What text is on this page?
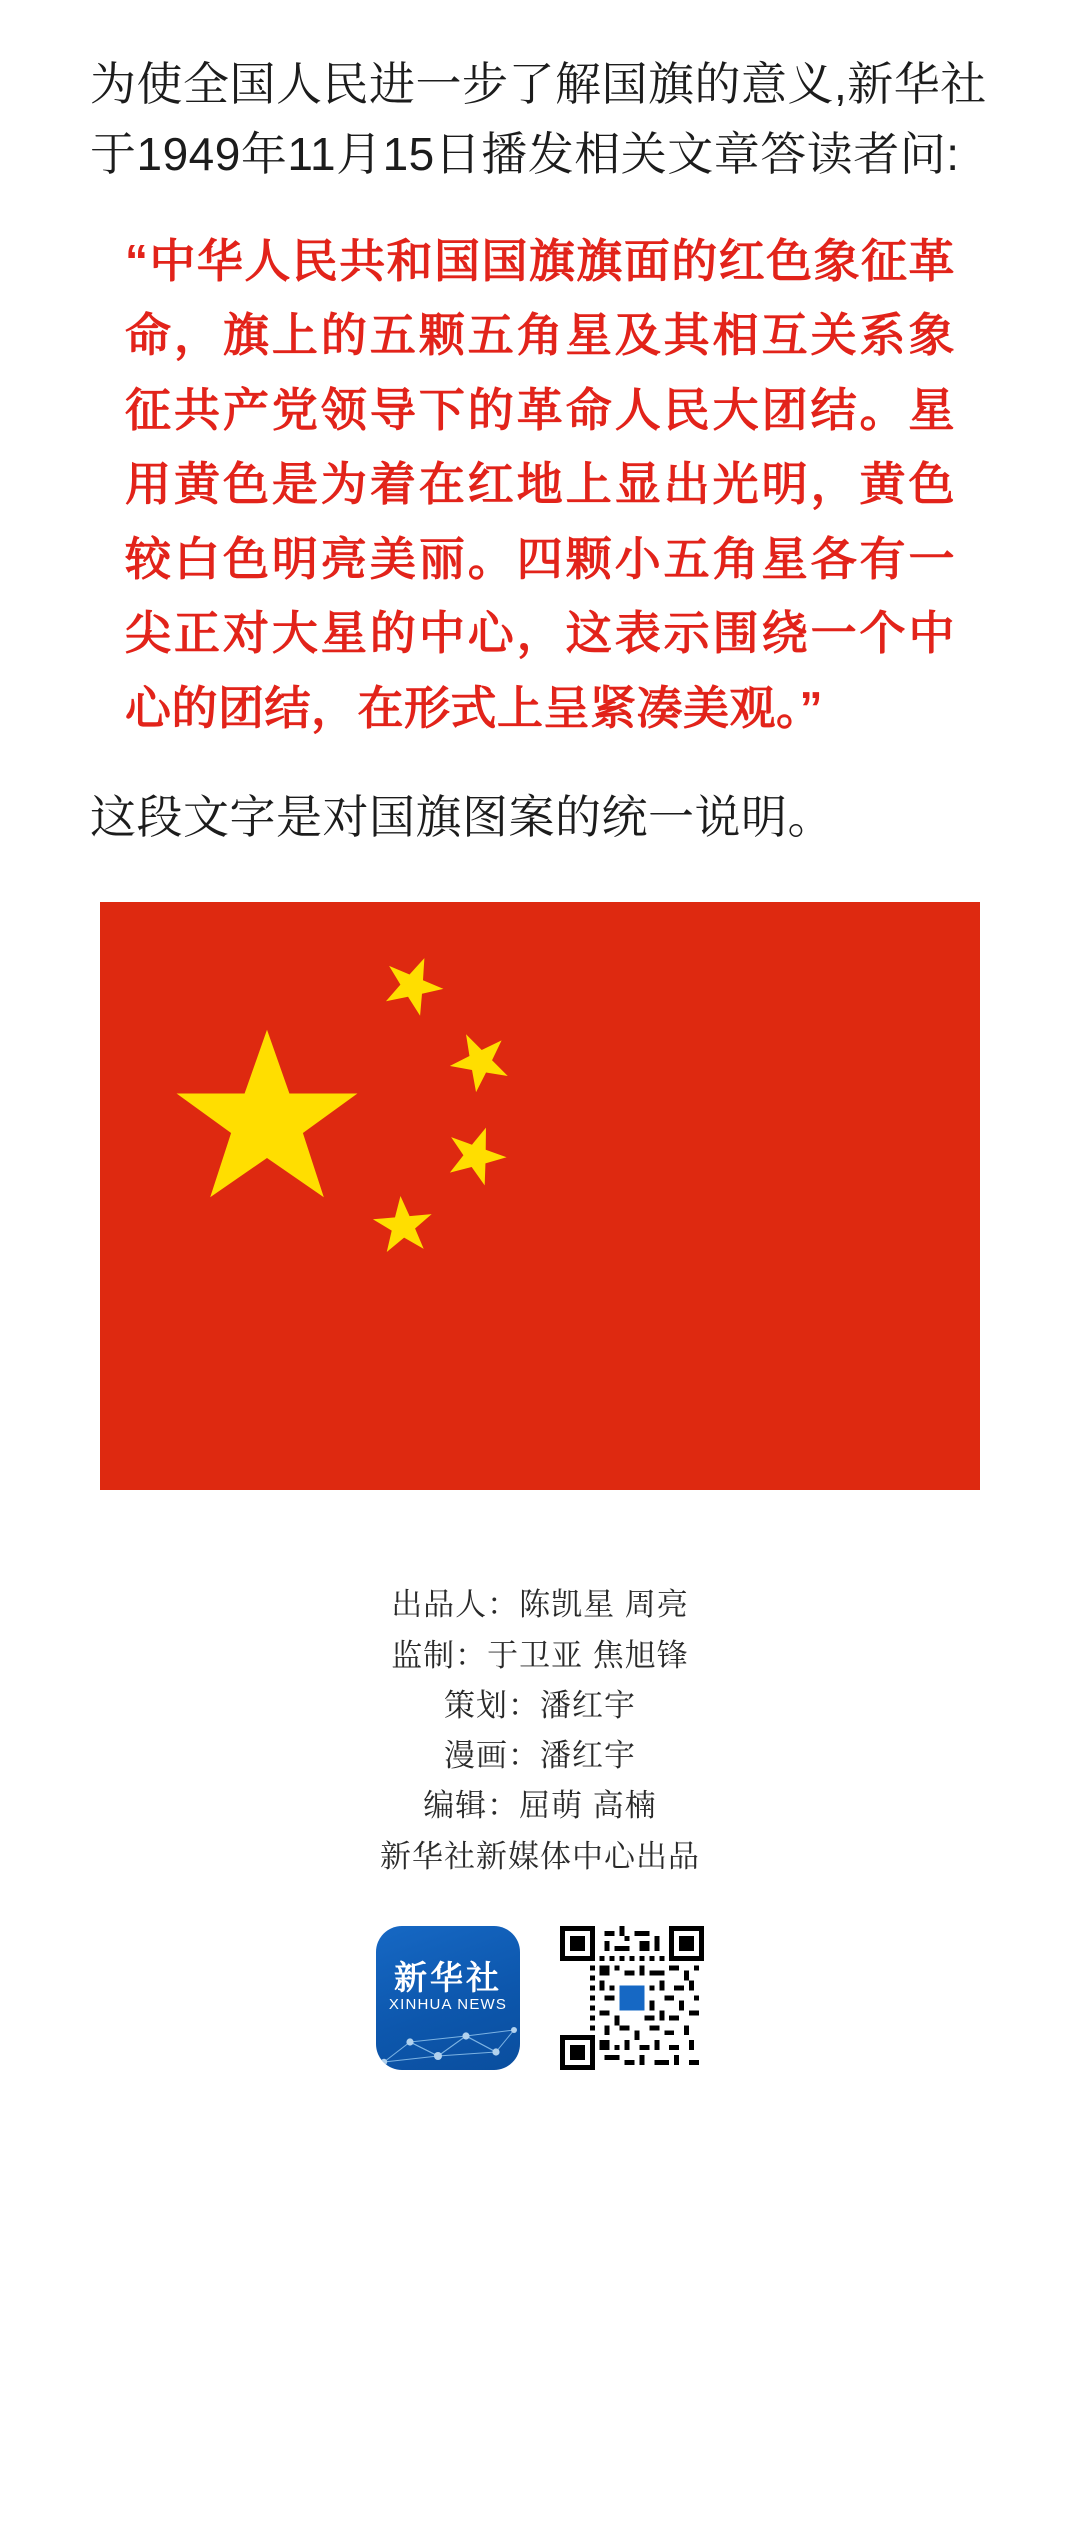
为使全国人民进一步了解国旗的意义,新华社于1949年11月15日播发相关文章答读者问:

“中华人民共和国国旗旗面的红色象征革命，旗上的五颗五角星及其相互关系象征共产党领导下的革命人民大团结。星用黄色是为着在红地上显出光明，黄色较白色明亮美丽。四颗小五角星各有一尖正对大星的中心，这表示围绕一个中心的团结，在形式上呈紧凑美观。”

这段文字是对国旗图案的统一说明。

出品人：陈凯星 周亮
监制：于卫亚 焦旭锋
策划：潘红宇
漫画：潘红宇
编辑：屈萌 高楠
新华社新媒体中心出品
新华社
XINHUA NEWS
